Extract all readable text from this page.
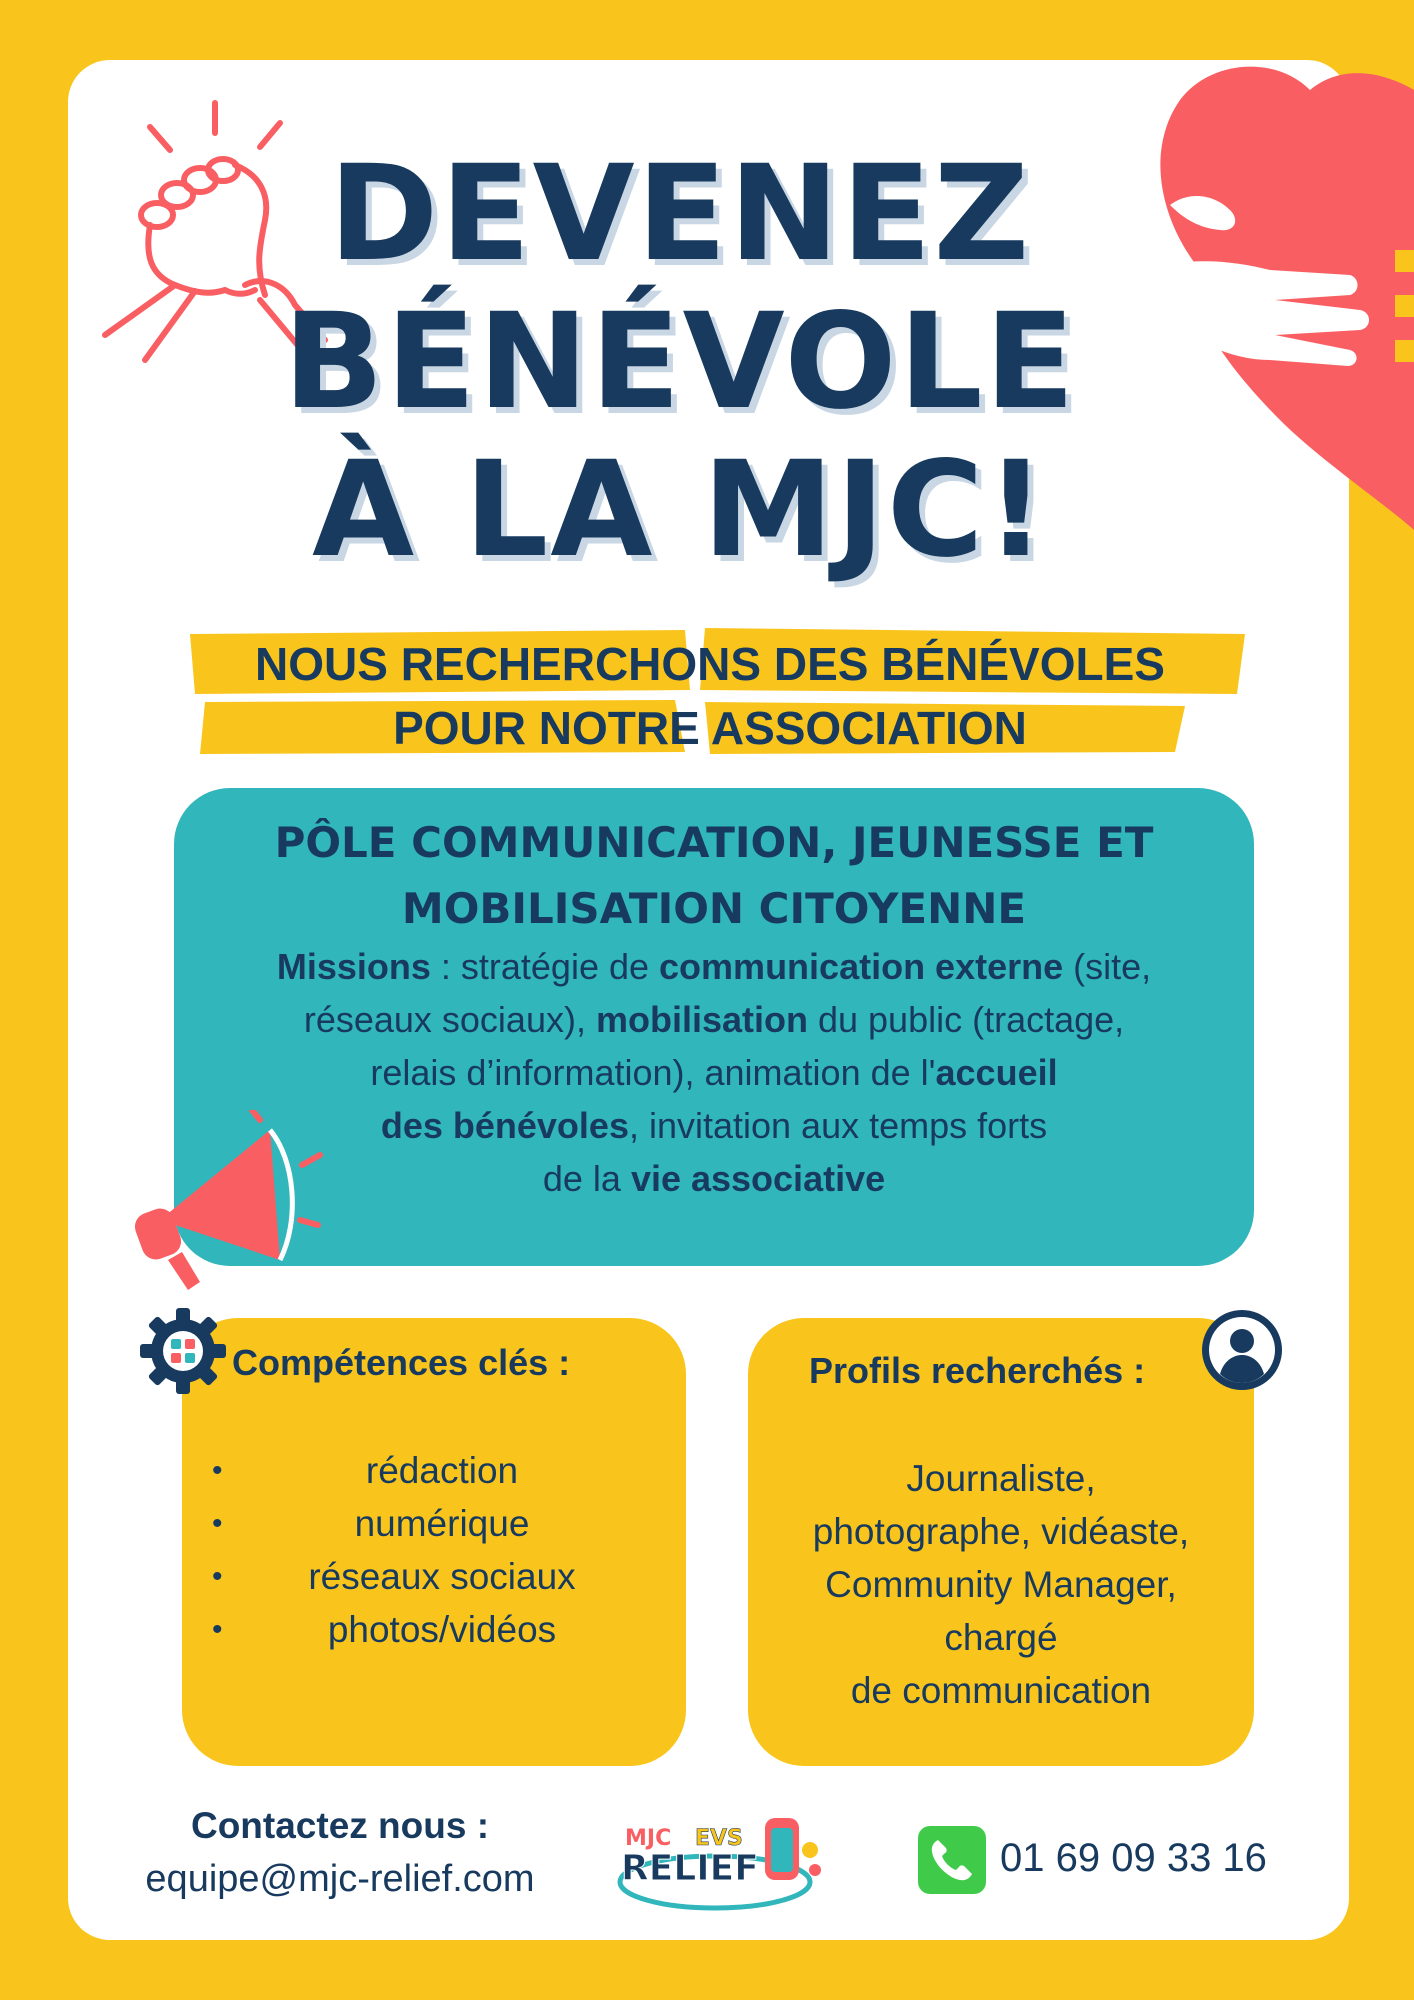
DEVENEZ
BÉNÉVOLE
À LA MJC!
NOUS RECHERCHONS DES BÉNÉVOLES
POUR NOTRE ASSOCIATION
PÔLE COMMUNICATION, JEUNESSE ET
MOBILISATION CITOYENNE
Missions : stratégie de communication externe (site,
réseaux sociaux), mobilisation du public (tractage,
relais d’information), animation de l'accueil
des bénévoles, invitation aux temps forts
de la vie associative
Compétences clés :
•	rédaction
•	numérique
• réseaux sociaux
•	photos/vidéos
Profils recherchés :
Journaliste,
photographe, vidéaste,
Community Manager,
chargé
de communication
Contactez nous :
equipe@mjc-relief.com
MJC EVS
RELIEF	01 69 09 33 16
